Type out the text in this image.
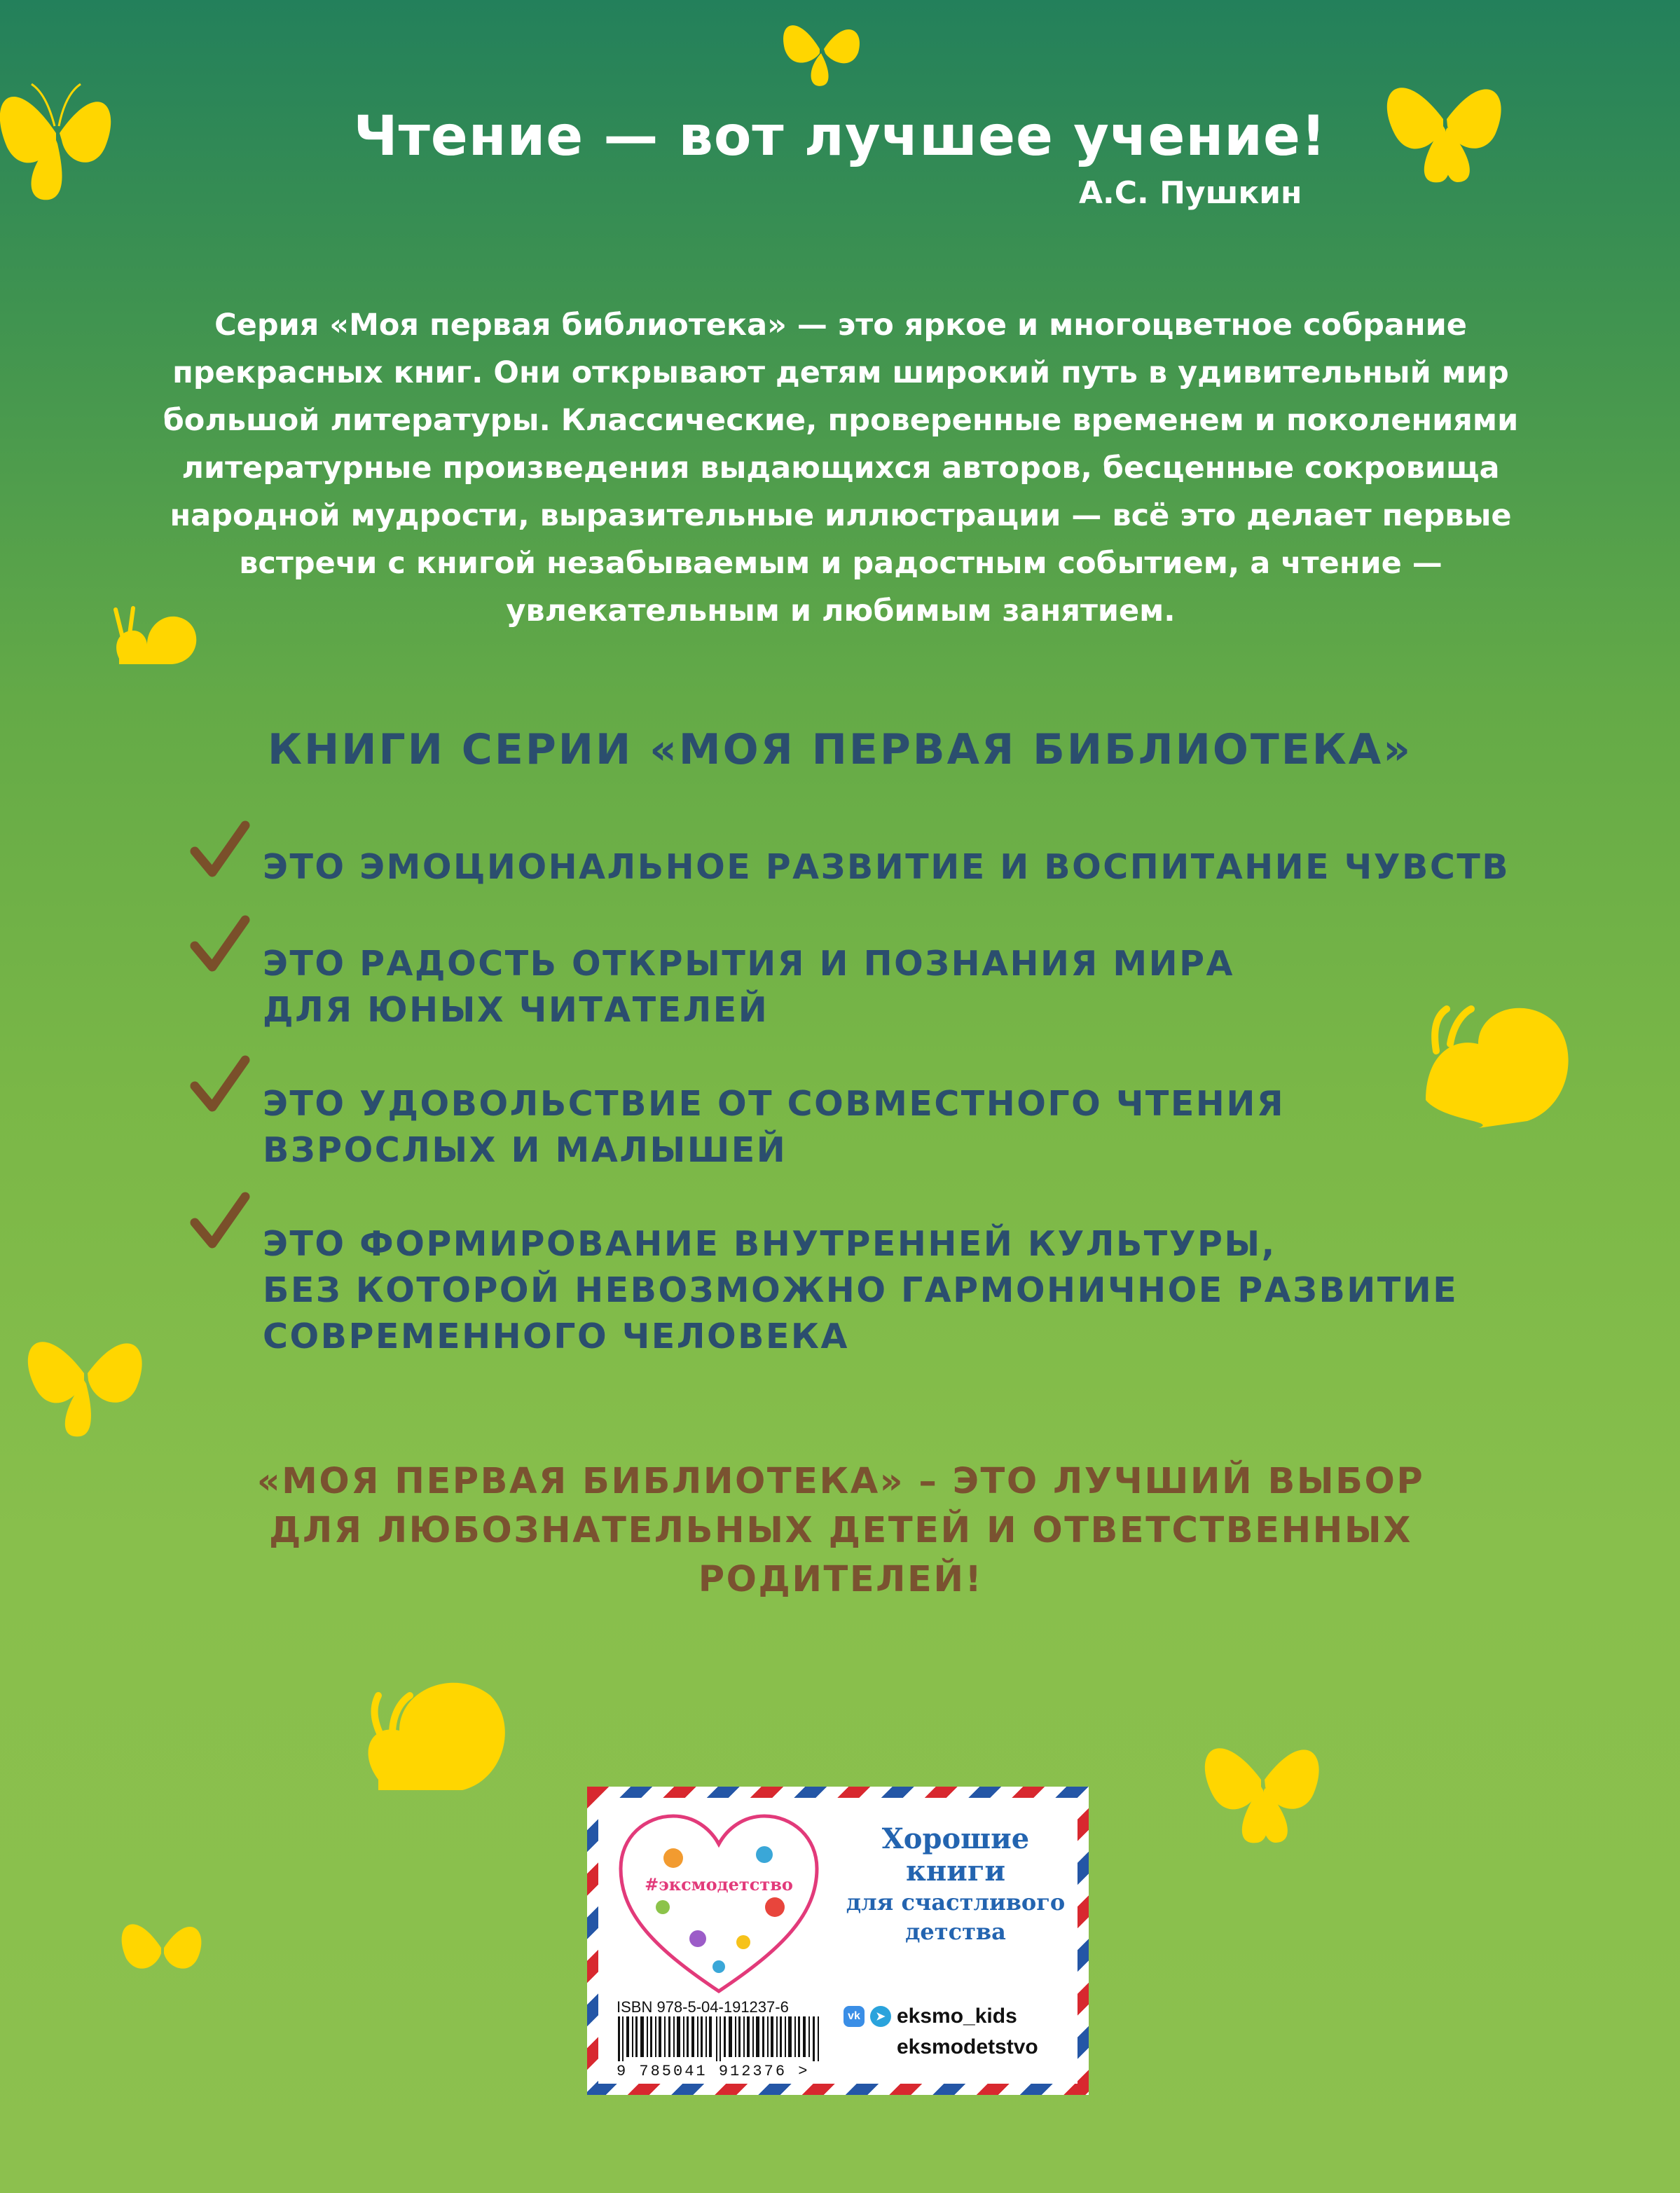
Чтение — вот лучшее учение!
А.С. Пушкин

Серия «Моя первая библиотека» — это яркое и многоцветное собрание

прекрасных книг. Они открывают детям широкий путь в удивительный мир

большой литературы. Классические, проверенные временем и поколениями

литературные произведения выдающихся авторов, бесценные сокровища

народной мудрости, выразительные иллюстрации — всё это делает первые

встречи с книгой незабываемым и радостным событием, а чтение —

увлекательным и любимым занятием.

КНИГИ СЕРИИ «МОЯ ПЕРВАЯ БИБЛИОТЕКА»
ЭТО ЭМОЦИОНАЛЬНОЕ РАЗВИТИЕ И ВОСПИТАНИЕ ЧУВСТВ
ЭТО РАДОСТЬ ОТКРЫТИЯ И ПОЗНАНИЯ МИРА
ДЛЯ ЮНЫХ ЧИТАТЕЛЕЙ
ЭТО УДОВОЛЬСТВИЕ ОТ СОВМЕСТНОГО ЧТЕНИЯ
ВЗРОСЛЫХ И МАЛЫШЕЙ
ЭТО ФОРМИРОВАНИЕ ВНУТРЕННЕЙ КУЛЬТУРЫ,
БЕЗ КОТОРОЙ НЕВОЗМОЖНО ГАРМОНИЧНОЕ РАЗВИТИЕ
СОВРЕМЕННОГО ЧЕЛОВЕКА
«МОЯ ПЕРВАЯ БИБЛИОТЕКА» – ЭТО ЛУЧШИЙ ВЫБОР
ДЛЯ ЛЮБОЗНАТЕЛЬНЫХ ДЕТЕЙ И ОТВЕТСТВЕННЫХ
РОДИТЕЛЕЙ!
#эксмодетство
ISBN 978-5-04-191237-6
9 785041 912376 >
Хорошие
книги
для счастливого
детства
vk	➤ eksmo_kids
eksmodetstvo
